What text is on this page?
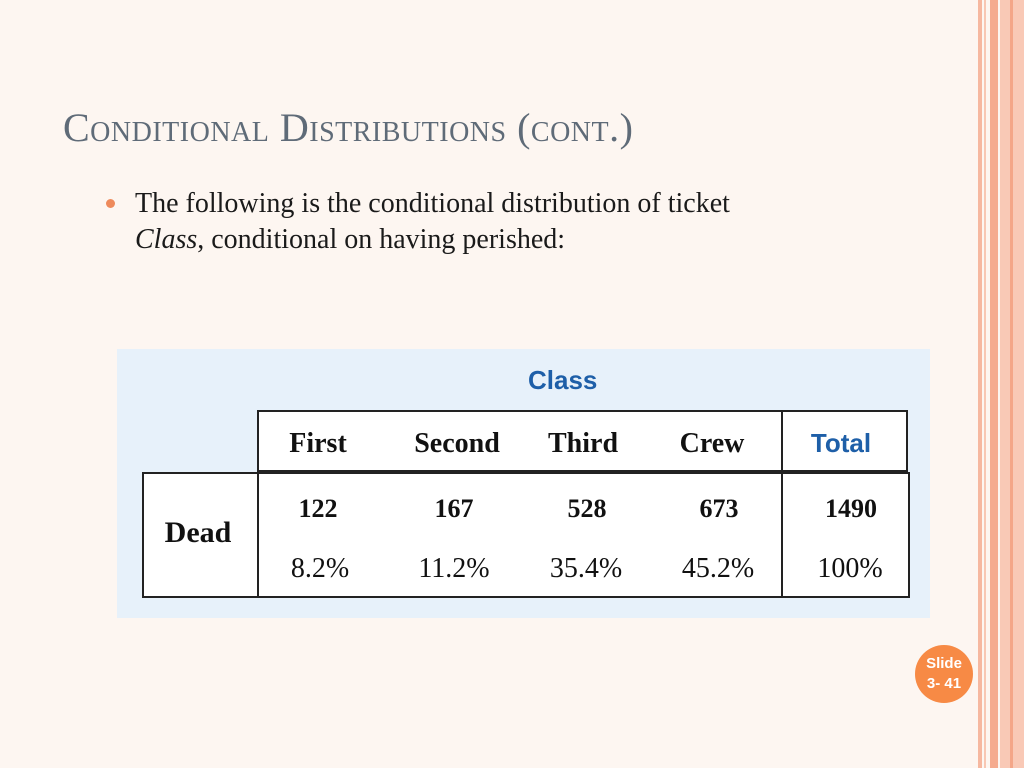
Conditional Distributions (cont.)
The following is the conditional distribution of ticket
Class, conditional on having perished:
Class
First	Second	Third	Crew	Total
Dead
122	167	528	673	1490
8.2%	11.2%	35.4%	45.2%	100%
Slide
3- 41
